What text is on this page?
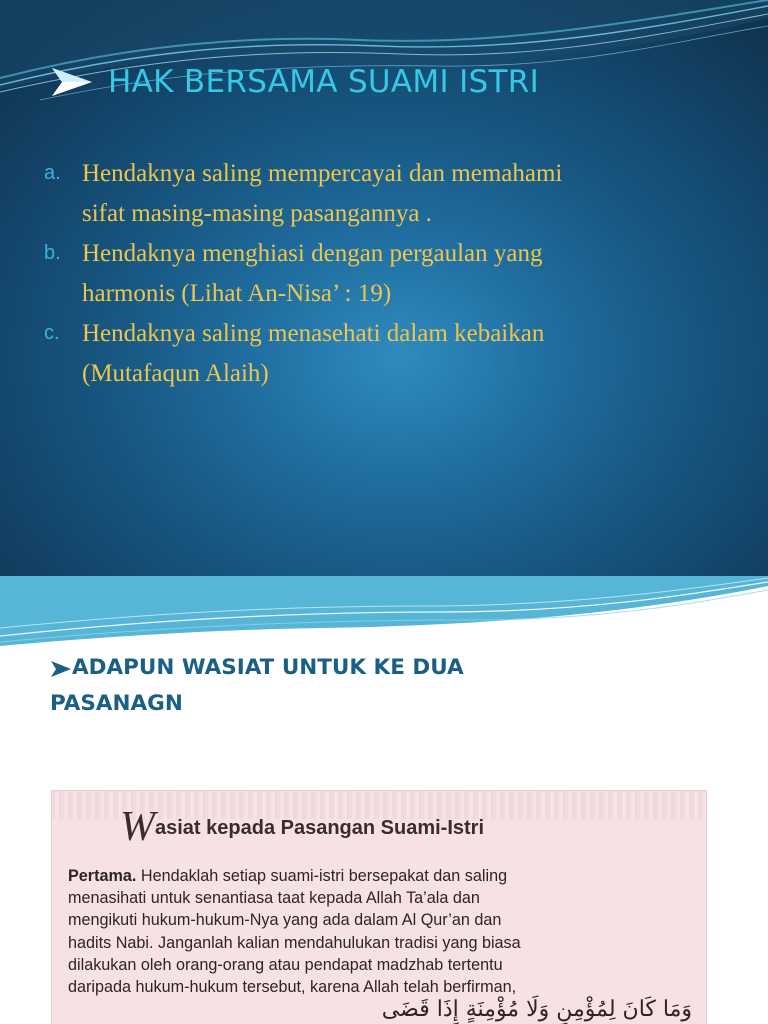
HAK BERSAMA SUAMI ISTRI
a. Hendaknya saling mempercayai dan memahami
sifat masing-masing pasangannya .
b. Hendaknya menghiasi dengan pergaulan yang
harmonis (Lihat An-Nisa’ : 19)
c. Hendaknya saling menasehati dalam kebaikan
(Mutafaqun Alaih)
ADAPUN WASIAT UNTUK KE DUA
PASANAGN
Wasiat kepada Pasangan Suami-Istri

Pertama. Hendaklah setiap suami-istri bersepakat dan saling

menasihati untuk senantiasa taat kepada Allah Ta’ala dan

mengikuti hukum-hukum-Nya yang ada dalam Al Qur’an dan

hadits Nabi. Janganlah kalian mendahulukan tradisi yang biasa

dilakukan oleh orang-orang atau pendapat madzhab tertentu

daripada hukum-hukum tersebut, karena Allah telah berfirman,

وَمَا كَانَ لِمُؤْمِنٍ وَلَا مُؤْمِنَةٍ إِذَا قَضَى
